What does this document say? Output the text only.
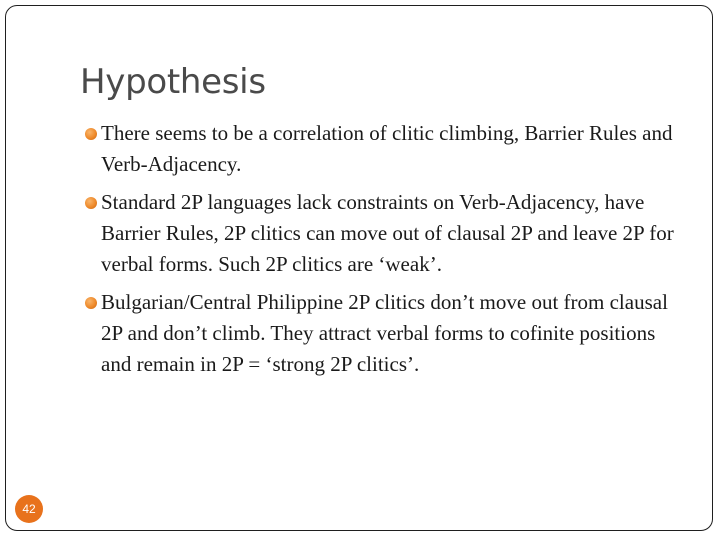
Hypothesis
There seems to be a correlation of clitic climbing, Barrier Rules and Verb-Adjacency.
Standard 2P languages lack constraints on Verb-Adjacency, have Barrier Rules, 2P clitics can move out of clausal 2P and leave 2P for verbal forms. Such 2P clitics are ‘weak’.
Bulgarian/Central Philippine 2P clitics don’t move out from clausal 2P and don’t climb. They attract verbal forms to cofinite positions and remain in 2P = ‘strong 2P clitics’.
42
